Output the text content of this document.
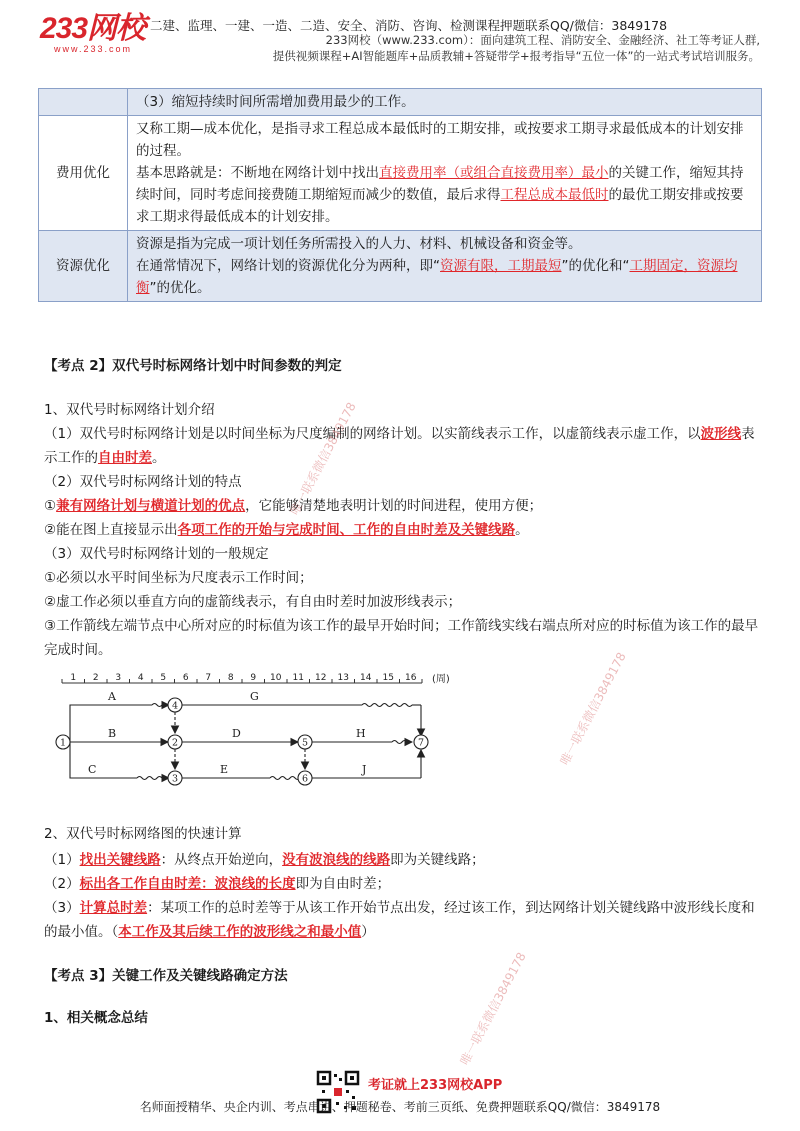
233网校
www.233.com
二建、监理、一建、一造、二造、安全、消防、咨询、检测课程押题联系QQ/微信：3849178
233网校（www.233.com）：面向建筑工程、消防安全、金融经济、社工等考证人群,
提供视频课程+AI智能题库+品质教辅+答疑带学+报考指导“五位一体”的一站式考试培训服务。
	（3）缩短持续时间所需增加费用最少的工作。
费用优化	又称工期—成本优化，是指寻求工程总成本最低时的工期安排，或按要求工期寻求最低成本的计划安排的过程。
基本思路就是：不断地在网络计划中找出直接费用率（或组合直接费用率）最小的关键工作，缩短其持续时间，同时考虑间接费随工期缩短而减少的数值，最后求得工程总成本最低时的最优工期安排或按要求工期求得最低成本的计划安排。

资源优化	资源是指为完成一项计划任务所需投入的人力、材料、机械设备和资金等。
在通常情况下，网络计划的资源优化分为两种，即“资源有限，工期最短”的优化和“工期固定，资源均衡”的优化。
【考点 2】双代号时标网络计划中时间参数的判定
1、双代号时标网络计划介绍
（1）双代号时标网络计划是以时间坐标为尺度编制的网络计划。以实箭线表示工作，以虚箭线表示虚工作，以波形线表示工作的自由时差。
（2）双代号时标网络计划的特点
①兼有网络计划与横道计划的优点，它能够清楚地表明计划的时间进程，使用方便；
②能在图上直接显示出各项工作的开始与完成时间、工作的自由时差及关键线路。
（3）双代号时标网络计划的一般规定
①必须以水平时间坐标为尺度表示工作时间；
②虚工作必须以垂直方向的虚箭线表示，有自由时差时加波形线表示；
③工作箭线左端节点中心所对应的时标值为该工作的最早开始时间；工作箭线实线右端点所对应的时标值为该工作的最早完成时间。
1 2 3 4 5 6 7 8 9 10 11 12 13 14 15 16 (周)
A
B
C
D
E
G
H
J
1	2
3
4
5
6
7
2、双代号时标网络图的快速计算
（1）找出关键线路：从终点开始逆向，没有波浪线的线路即为关键线路；
（2）标出各工作自由时差：波浪线的长度即为自由时差；
（3）计算总时差：某项工作的总时差等于从该工作开始节点出发，经过该工作，到达网络计划关键线路中波形线长度和的最小值。（本工作及其后续工作的波形线之和最小值）
【考点 3】关键工作及关键线路确定方法
1、相关概念总结
唯一联系微信3849178
唯一联系微信3849178
唯一联系微信3849178
考证就上233网校APP
名师面授精华、央企内训、考点串讲、押题秘卷、考前三页纸、免费押题联系QQ/微信：3849178
